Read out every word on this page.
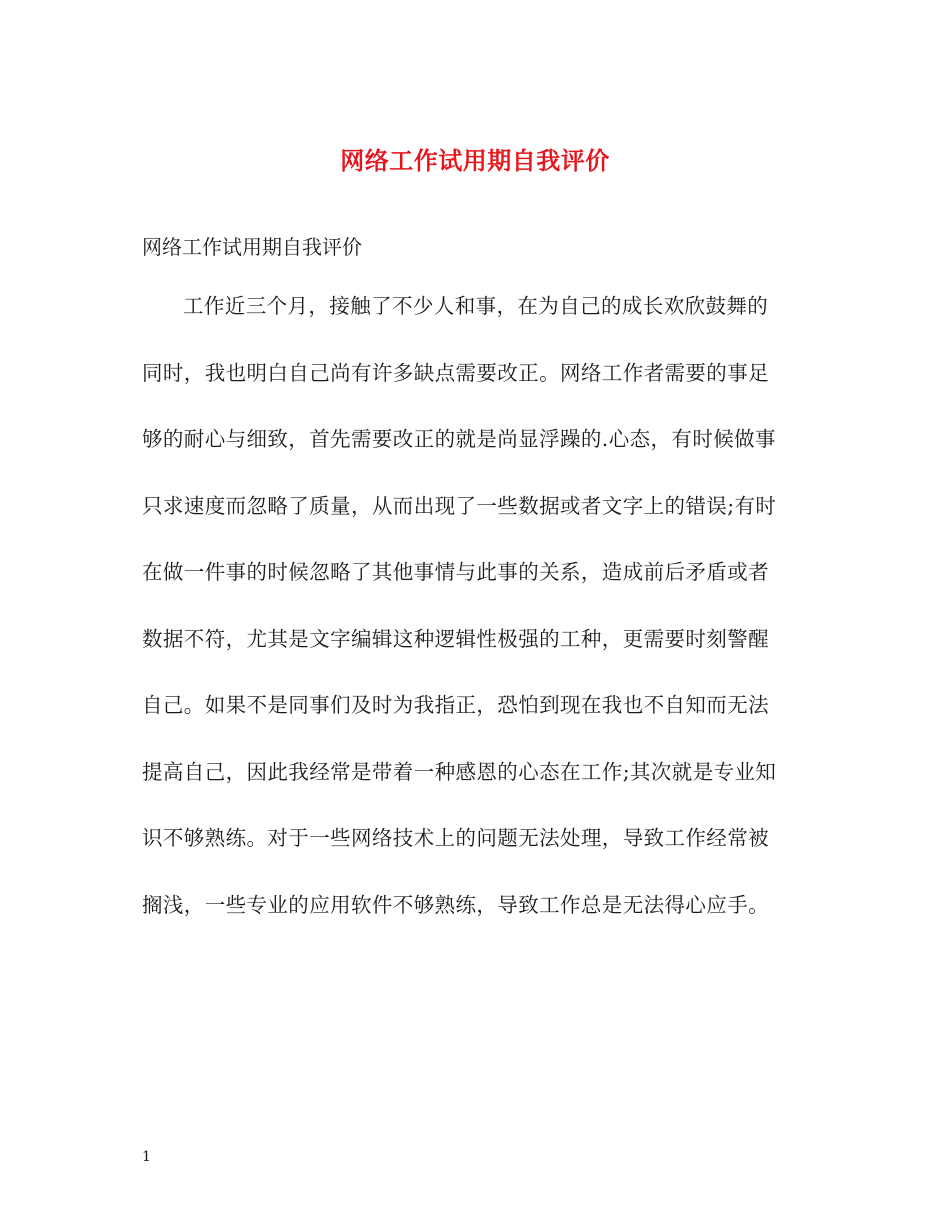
网络工作试用期自我评价
网络工作试用期自我评价

工作近三个月，接触了不少人和事，在为自己的成长欢欣鼓舞的
同时，我也明白自己尚有许多缺点需要改正。网络工作者需要的事足
够的耐心与细致，首先需要改正的就是尚显浮躁的.心态，有时候做事
只求速度而忽略了质量，从而出现了一些数据或者文字上的错误;有时
在做一件事的时候忽略了其他事情与此事的关系，造成前后矛盾或者
数据不符，尤其是文字编辑这种逻辑性极强的工种，更需要时刻警醒
自己。如果不是同事们及时为我指正，恐怕到现在我也不自知而无法
提高自己，因此我经常是带着一种感恩的心态在工作;其次就是专业知
识不够熟练。对于一些网络技术上的问题无法处理，导致工作经常被
搁浅，一些专业的应用软件不够熟练，导致工作总是无法得心应手。

1
